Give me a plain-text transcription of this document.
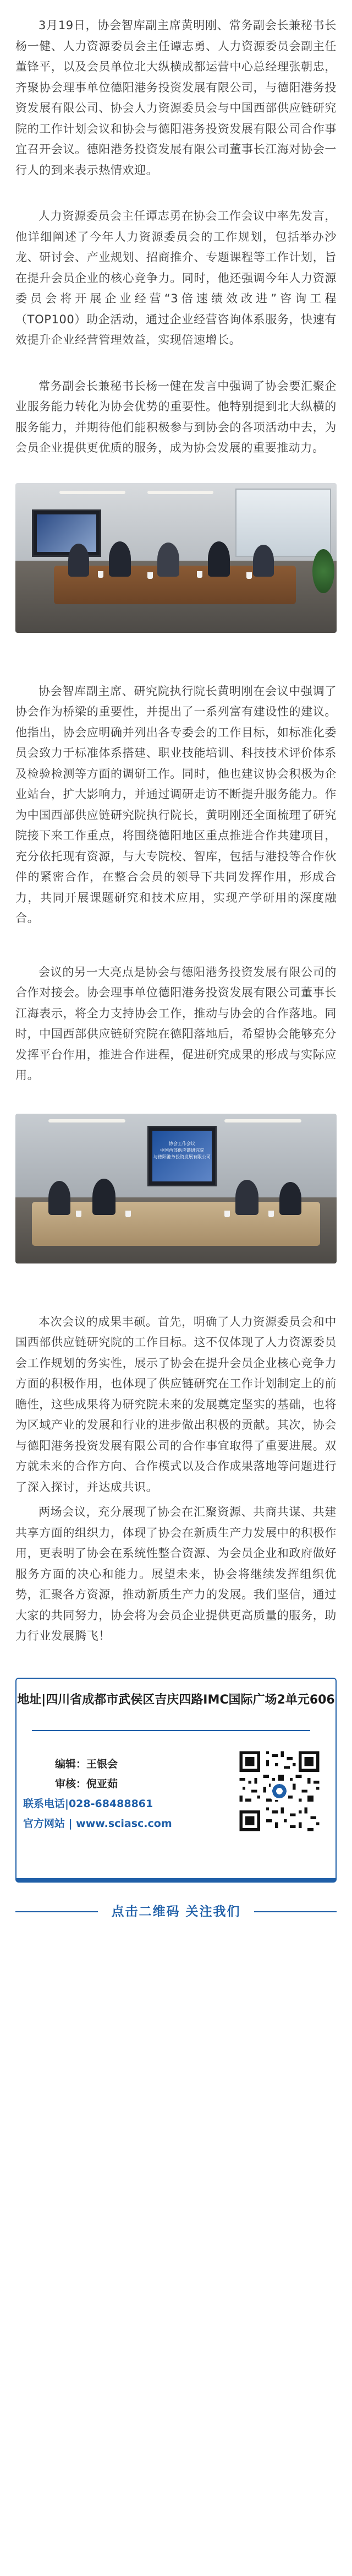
3月19日，协会智库副主席黄明刚、常务副会长兼秘书长杨一健、人力资源委员会主任谭志勇、人力资源委员会副主任董锋平，以及会员单位北大纵横成都运营中心总经理张朝忠，齐聚协会理事单位德阳港务投资发展有限公司，与德阳港务投资发展有限公司、协会人力资源委员会与中国西部供应链研究院的工作计划会议和协会与德阳港务投资发展有限公司合作事宜召开会议。德阳港务投资发展有限公司董事长江海对协会一行人的到来表示热情欢迎。

人力资源委员会主任谭志勇在协会工作会议中率先发言，他详细阐述了今年人力资源委员会的工作规划，包括举办沙龙、研讨会、产业规划、招商推介、专题课程等工作计划，旨在提升会员企业的核心竞争力。同时，他还强调今年人力资源委员会将开展企业经营“3倍速绩效改进”咨询工程（TOP100）助企活动，通过企业经营咨询体系服务，快速有效提升企业经营管理效益，实现倍速增长。

常务副会长兼秘书长杨一健在发言中强调了协会要汇聚企业服务能力转化为协会优势的重要性。他特别提到北大纵横的服务能力，并期待他们能积极参与到协会的各项活动中去，为会员企业提供更优质的服务，成为协会发展的重要推动力。

协会智库副主席、研究院执行院长黄明刚在会议中强调了协会作为桥梁的重要性，并提出了一系列富有建设性的建议。他指出，协会应明确并列出各专委会的工作目标，如标准化委员会致力于标准体系搭建、职业技能培训、科技技术评价体系及检验检测等方面的调研工作。同时，他也建议协会积极为企业站台，扩大影响力，并通过调研走访不断提升服务能力。作为中国西部供应链研究院执行院长，黄明刚还全面梳理了研究院接下来工作重点，将围绕德阳地区重点推进合作共建项目，充分依托现有资源，与大专院校、智库，包括与港投等合作伙伴的紧密合作，在整合会员的领导下共同发挥作用，形成合力，共同开展课题研究和技术应用，实现产学研用的深度融合。

会议的另一大亮点是协会与德阳港务投资发展有限公司的合作对接会。协会理事单位德阳港务投资发展有限公司董事长江海表示，将全力支持协会工作，推动与协会的合作落地。同时，中国西部供应链研究院在德阳落地后，希望协会能够充分发挥平台作用，推进合作进程，促进研究成果的形成与实际应用。

协会工作会议
中国西部供应链研究院
与德阳港务投资发展有限公司

本次会议的成果丰硕。首先，明确了人力资源委员会和中国西部供应链研究院的工作目标。这不仅体现了人力资源委员会工作规划的务实性，展示了协会在提升会员企业核心竞争力方面的积极作用，也体现了供应链研究在工作计划制定上的前瞻性，这些成果将为研究院未来的发展奠定坚实的基础，也将为区域产业的发展和行业的进步做出积极的贡献。其次，协会与德阳港务投资发展有限公司的合作事宜取得了重要进展。双方就未来的合作方向、合作模式以及合作成果落地等问题进行了深入探讨，并达成共识。

两场会议，充分展现了协会在汇聚资源、共商共谋、共建共享方面的组织力，体现了协会在新质生产力发展中的积极作用，更表明了协会在系统性整合资源、为会员企业和政府做好服务方面的决心和能力。展望未来，协会将继续发挥组织优势，汇聚各方资源，推动新质生产力的发展。我们坚信，通过大家的共同努力，协会将为会员企业提供更高质量的服务，助力行业发展腾飞！

地址|四川省成都市武侯区吉庆四路IMC国际广场2单元606
编辑：王银会
审核：倪亚茹
联系电话|028-68488861
官方网站 | www.sciasc.com
点击二维码 关注我们
